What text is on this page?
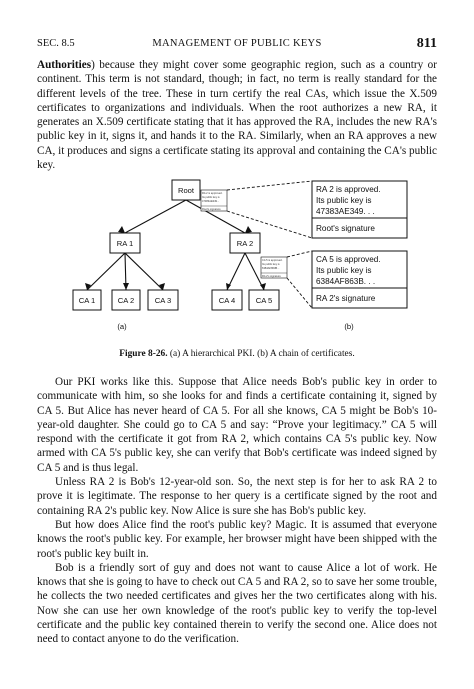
SEC. 8.5	MANAGEMENT OF PUBLIC KEYS	811

Authorities) because they might cover some geographic region, such as a country or continent. This term is not standard, though; in fact, no term is really standard for the different levels of the tree. These in turn certify the real CAs, which issue the X.509 certificates to organizations and individuals. When the root authorizes a new RA, it generates an X.509 certificate stating that it has approved the RA, includes the new RA's public key in it, signs it, and hands it to the RA. Similarly, when an RA approves a new CA, it produces and signs a certificate stating its approval and containing the CA's public key.

Root
RA 1	RA 2
CA 1	CA 2	CA 3	CA 4	CA 5
RA 2 is approved.
Its public key is
47383AE349...
Root's signature
CA 5 is approved.
Its public key is
6384AF863B...
RA 2's signature
RA 2 is approved.
Its public key is
47383AE349. . .
Root's signature
CA 5 is approved.
Its public key is
6384AF863B. . .
RA 2's signature
(a)	(b)
Figure 8-26. (a) A hierarchical PKI. (b) A chain of certificates.

Our PKI works like this. Suppose that Alice needs Bob's public key in order to communicate with him, so she looks for and finds a certificate containing it, signed by CA 5. But Alice has never heard of CA 5. For all she knows, CA 5 might be Bob's 10-year-old daughter. She could go to CA 5 and say: “Prove your legitimacy.” CA 5 will respond with the certificate it got from RA 2, which contains CA 5's public key. Now armed with CA 5's public key, she can verify that Bob's certificate was indeed signed by CA 5 and is thus legal.

Unless RA 2 is Bob's 12-year-old son. So, the next step is for her to ask RA 2 to prove it is legitimate. The response to her query is a certificate signed by the root and containing RA 2's public key. Now Alice is sure she has Bob's public key.

But how does Alice find the root's public key? Magic. It is assumed that everyone knows the root's public key. For example, her browser might have been shipped with the root's public key built in.

Bob is a friendly sort of guy and does not want to cause Alice a lot of work. He knows that she is going to have to check out CA 5 and RA 2, so to save her some trouble, he collects the two needed certificates and gives her the two certificates along with his. Now she can use her own knowledge of the root's public key to verify the top-level certificate and the public key contained therein to verify the second one. Alice does not need to contact anyone to do the verification.
